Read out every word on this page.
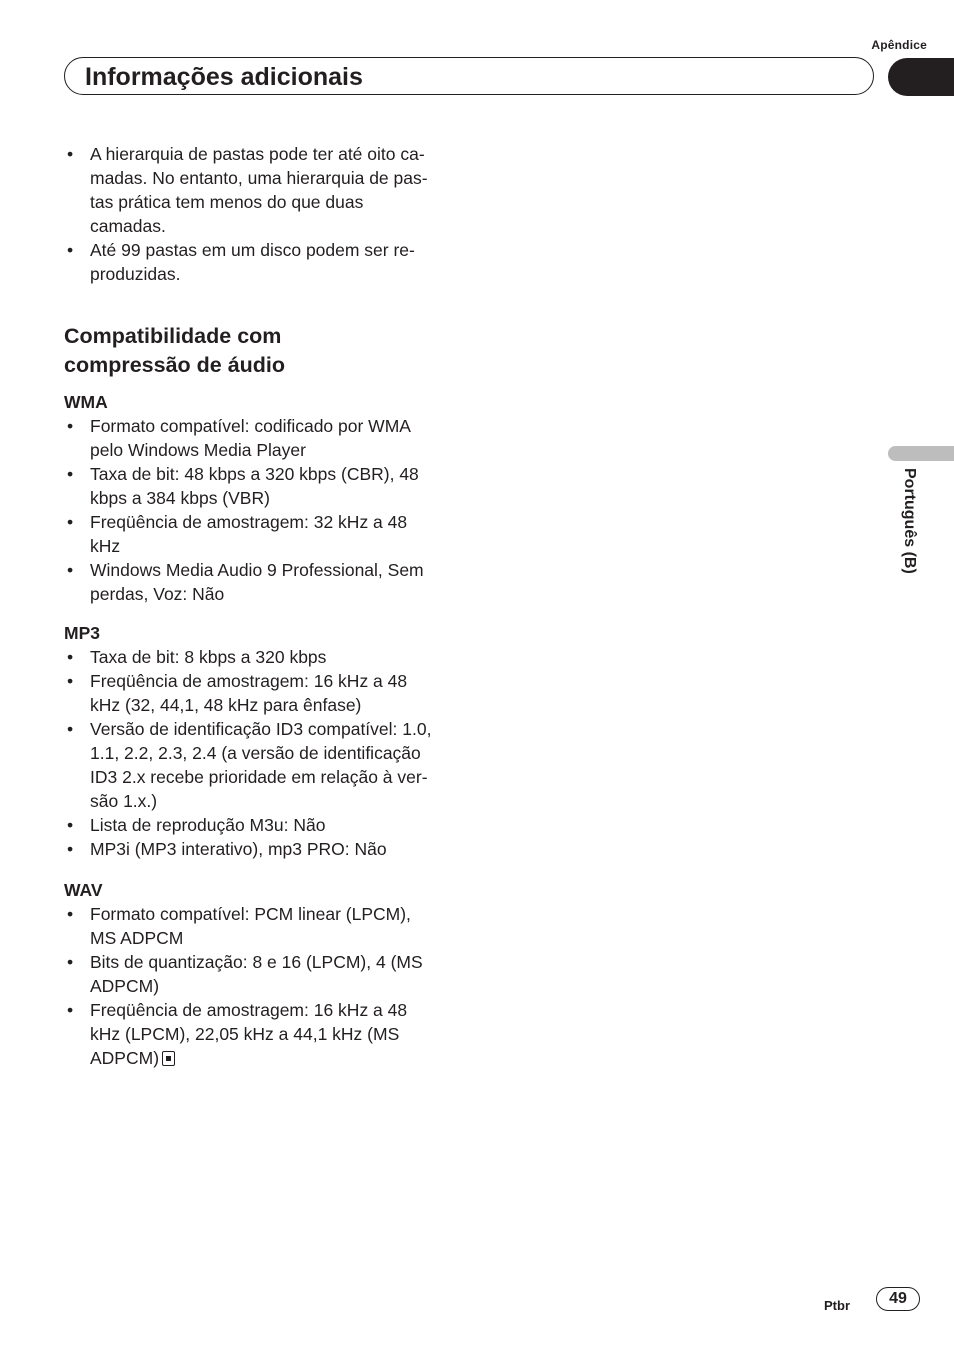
Apêndice
Informações adicionais
• A hierarquia de pastas pode ter até oito ca-
madas. No entanto, uma hierarquia de pas-
tas prática tem menos do que duas
camadas.
• Até 99 pastas em um disco podem ser re-
produzidas.
Compatibilidade com
compressão de áudio
WMA
• Formato compatível: codificado por WMA
pelo Windows Media Player
• Taxa de bit: 48 kbps a 320 kbps (CBR), 48
kbps a 384 kbps (VBR)
• Freqüência de amostragem: 32 kHz a 48
kHz
• Windows Media Audio 9 Professional, Sem
perdas, Voz: Não
MP3
• Taxa de bit: 8 kbps a 320 kbps
• Freqüência de amostragem: 16 kHz a 48
kHz (32, 44,1, 48 kHz para ênfase)
• Versão de identificação ID3 compatível: 1.0,
1.1, 2.2, 2.3, 2.4 (a versão de identificação
ID3 2.x recebe prioridade em relação à ver-
são 1.x.)
• Lista de reprodução M3u: Não
• MP3i (MP3 interativo), mp3 PRO: Não
WAV
• Formato compatível: PCM linear (LPCM),
MS ADPCM
• Bits de quantização: 8 e 16 (LPCM), 4 (MS
ADPCM)
• Freqüência de amostragem: 16 kHz a 48
kHz (LPCM), 22,05 kHz a 44,1 kHz (MS
ADPCM)
Português (B)
Ptbr	49
